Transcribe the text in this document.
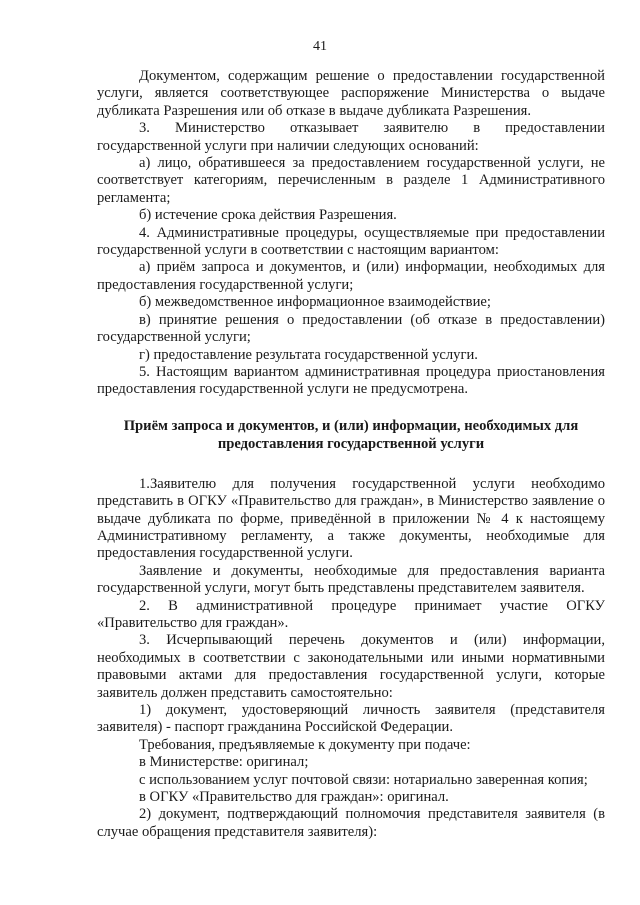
41

Документом, содержащим решение о предоставлении государственной услуги, является соответствующее распоряжение Министерства о выдаче дубликата Разрешения или об отказе в выдаче дубликата Разрешения.

3. Министерство отказывает заявителю в предоставлении государственной услуги при наличии следующих оснований:

а) лицо, обратившееся за предоставлением государственной услуги, не соответствует категориям, перечисленным в разделе 1 Административного регламента;

б) истечение срока действия Разрешения.

4. Административные процедуры, осуществляемые при предоставлении государственной услуги в соответствии с настоящим вариантом:

а) приём запроса и документов, и (или) информации, необходимых для предоставления государственной услуги;

б) межведомственное информационное взаимодействие;

в) принятие решения о предоставлении (об отказе в предоставлении) государственной услуги;

г) предоставление результата государственной услуги.

5. Настоящим вариантом административная процедура приостановления предоставления государственной услуги не предусмотрена.

Приём запроса и документов, и (или) информации, необходимых для предоставления государственной услуги

1.Заявителю для получения государственной услуги необходимо представить в ОГКУ «Правительство для граждан», в Министерство заявление о выдаче дубликата по форме, приведённой в приложении № 4 к настоящему Административному регламенту, а также документы, необходимые для предоставления государственной услуги.

Заявление и документы, необходимые для предоставления варианта государственной услуги, могут быть представлены представителем заявителя.

2. В административной процедуре принимает участие ОГКУ «Правительство для граждан».

3. Исчерпывающий перечень документов и (или) информации, необходимых в соответствии с законодательными или иными нормативными правовыми актами для предоставления государственной услуги, которые заявитель должен представить самостоятельно:

1) документ, удостоверяющий личность заявителя (представителя заявителя) - паспорт гражданина Российской Федерации.

Требования, предъявляемые к документу при подаче:

в Министерстве: оригинал;

с использованием услуг почтовой связи: нотариально заверенная копия;

в ОГКУ «Правительство для граждан»: оригинал.

2) документ, подтверждающий полномочия представителя заявителя (в случае обращения представителя заявителя):
